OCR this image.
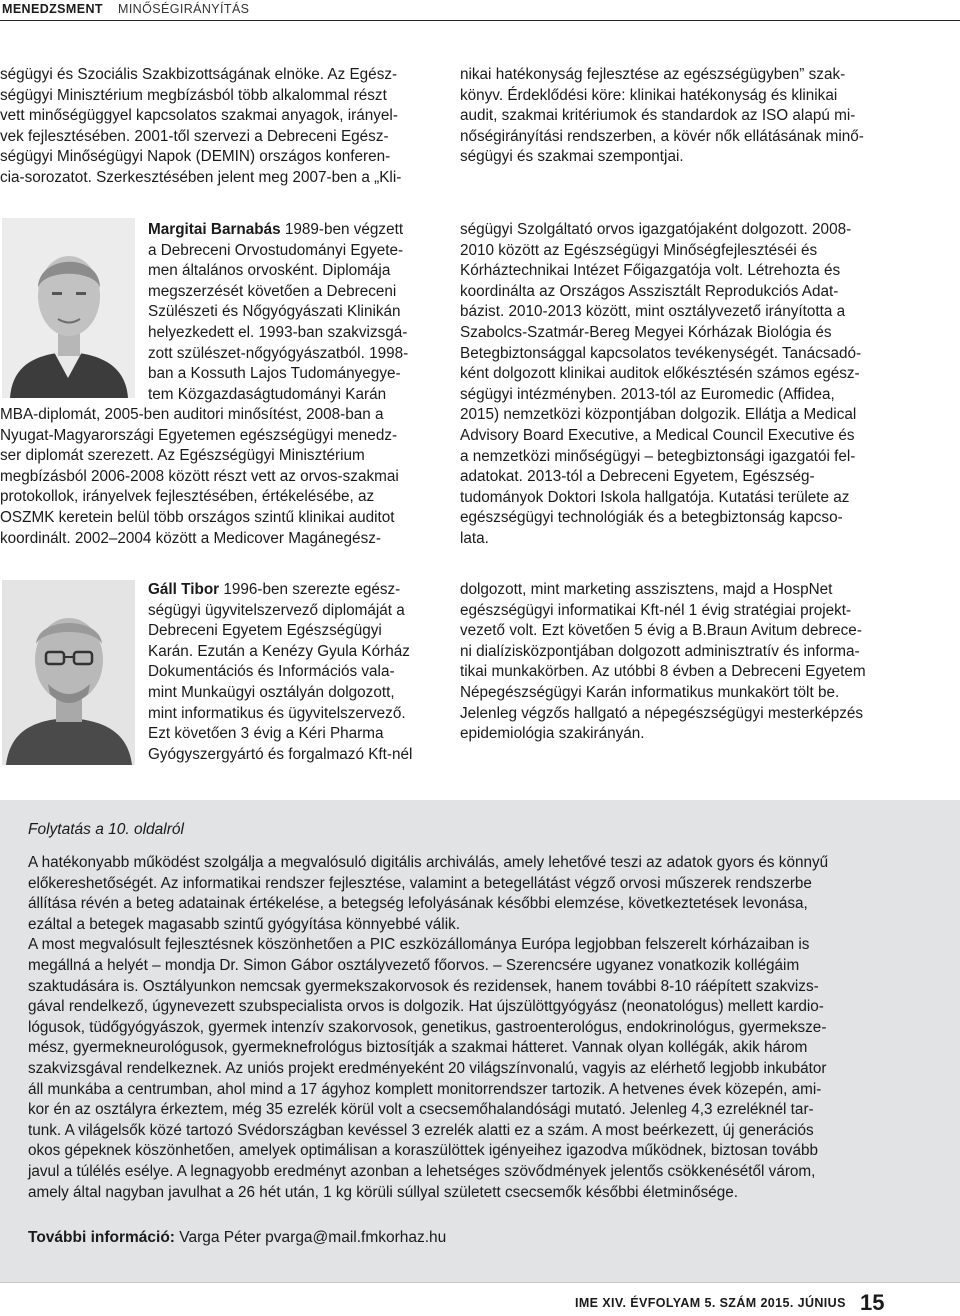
MENEDZSMENT MINŐSÉGIRÁNYÍTÁS
ségügyi és Szociális Szakbizottságának elnöke. Az Egész-
ségügyi Minisztérium megbízásból több alkalommal részt
vett minőségüggyel kapcsolatos szakmai anyagok, irányel-
vek fejlesztésében. 2001-től szervezi a Debreceni Egész-
ségügyi Minőségügyi Napok (DEMIN) országos konferen-
cia-sorozatot. Szerkesztésében jelent meg 2007-ben a „Kli-
nikai hatékonyság fejlesztése az egészségügyben” szak-
könyv. Érdeklődési köre: klinikai hatékonyság és klinikai
audit, szakmai kritériumok és standardok az ISO alapú mi-
nőségirányítási rendszerben, a kövér nők ellátásának minő-
ségügyi és szakmai szempontjai.
Margitai Barnabás 1989-ben végzett
a Debreceni Orvostudományi Egyete-
men általános orvosként. Diplomája
megszerzését követően a Debreceni
Szülészeti és Nőgyógyászati Klinikán
helyezkedett el. 1993-ban szakvizsgá-
zott szülészet-nőgyógyászatból. 1998-
ban a Kossuth Lajos Tudományegye-
tem Közgazdaságtudományi Karán
MBA-diplomát, 2005-ben auditori minősítést, 2008-ban a
Nyugat-Magyarországi Egyetemen egészségügyi menedz-
ser diplomát szerezett. Az Egészségügyi Minisztérium
megbízásból 2006-2008 között részt vett az orvos-szakmai
protokollok, irányelvek fejlesztésében, értékelésébe, az
OSZMK keretein belül több országos szintű klinikai auditot
koordinált. 2002–2004 között a Medicover Magánegész-
ségügyi Szolgáltató orvos igazgatójaként dolgozott. 2008-
2010 között az Egészségügyi Minőségfejlesztéséi és
Kórháztechnikai Intézet Főigazgatója volt. Létrehozta és
koordinálta az Országos Asszisztált Reprodukciós Adat-
bázist. 2010-2013 között, mint osztályvezető irányította a
Szabolcs-Szatmár-Bereg Megyei Kórházak Biológia és
Betegbiztonsággal kapcsolatos tevékenységét. Tanácsadó-
ként dolgozott klinikai auditok előkésztésén számos egész-
ségügyi intézményben. 2013-tól az Euromedic (Affidea,
2015) nemzetközi központjában dolgozik. Ellátja a Medical
Advisory Board Executive, a Medical Council Executive és
a nemzetközi minőségügyi – betegbiztonsági igazgatói fel-
adatokat. 2013-tól a Debreceni Egyetem, Egészség-
tudományok Doktori Iskola hallgatója. Kutatási területe az
egészségügyi technológiák és a betegbiztonság kapcso-
lata.
Gáll Tibor 1996-ben szerezte egész-
ségügyi ügyvitelszervező diplomáját a
Debreceni Egyetem Egészségügyi
Karán. Ezután a Kenézy Gyula Kórház
Dokumentációs és Információs vala-
mint Munkaügyi osztályán dolgozott,
mint informatikus és ügyvitelszervező.
Ezt követően 3 évig a Kéri Pharma
Gyógyszergyártó és forgalmazó Kft-nél
dolgozott, mint marketing asszisztens, majd a HospNet
egészségügyi informatikai Kft-nél 1 évig stratégiai projekt-
vezető volt. Ezt követően 5 évig a B.Braun Avitum debrece-
ni dialízisközpontjában dolgozott adminisztratív és informa-
tikai munkakörben. Az utóbbi 8 évben a Debreceni Egyetem
Népegészségügyi Karán informatikus munkakört tölt be.
Jelenleg végzős hallgató a népegészségügyi mesterképzés
epidemiológia szakirányán.
Folytatás a 10. oldalról
A hatékonyabb működést szolgálja a megvalósuló digitális archiválás, amely lehetővé teszi az adatok gyors és könnyű
előkereshetőségét. Az informatikai rendszer fejlesztése, valamint a betegellátást végző orvosi műszerek rendszerbe
állítása révén a beteg adatainak értékelése, a betegség lefolyásának későbbi elemzése, következtetések levonása,
ezáltal a betegek magasabb szintű gyógyítása könnyebbé válik.
A most megvalósult fejlesztésnek köszönhetően a PIC eszközállománya Európa legjobban felszerelt kórházaiban is
megállná a helyét – mondja Dr. Simon Gábor osztályvezető főorvos. – Szerencsére ugyanez vonatkozik kollégáim
szaktudására is. Osztályunkon nemcsak gyermekszakorvosok és rezidensek, hanem további 8-10 ráépített szakvizs-
gával rendelkező, úgynevezett szubspecialista orvos is dolgozik. Hat újszülöttgyógyász (neonatológus) mellett kardio-
lógusok, tüdőgyógyászok, gyermek intenzív szakorvosok, genetikus, gastroenterológus, endokrinológus, gyermeksze-
mész, gyermekneurológusok, gyermeknefrológus biztosítják a szakmai hátteret. Vannak olyan kollégák, akik három
szakvizsgával rendelkeznek. Az uniós projekt eredményeként 20 világszínvonalú, vagyis az elérhető legjobb inkubátor
áll munkába a centrumban, ahol mind a 17 ágyhoz komplett monitorrendszer tartozik. A hetvenes évek közepén, ami-
kor én az osztályra érkeztem, még 35 ezrelék körül volt a csecsemőhalandósági mutató. Jelenleg 4,3 ezreléknél tar-
tunk. A világelsők közé tartozó Svédországban kevéssel 3 ezrelék alatti ez a szám. A most beérkezett, új generációs
okos gépeknek köszönhetően, amelyek optimálisan a koraszülöttek igényeihez igazodva működnek, biztosan tovább
javul a túlélés esélye. A legnagyobb eredményt azonban a lehetséges szövődmények jelentős csökkenésétől várom,
amely által nagyban javulhat a 26 hét után, 1 kg körüli súllyal született csecsemők későbbi életminősége.
További információ: Varga Péter pvarga@mail.fmkorhaz.hu
IME XIV. ÉVFOLYAM 5. SZÁM 2015. JÚNIUS 15
